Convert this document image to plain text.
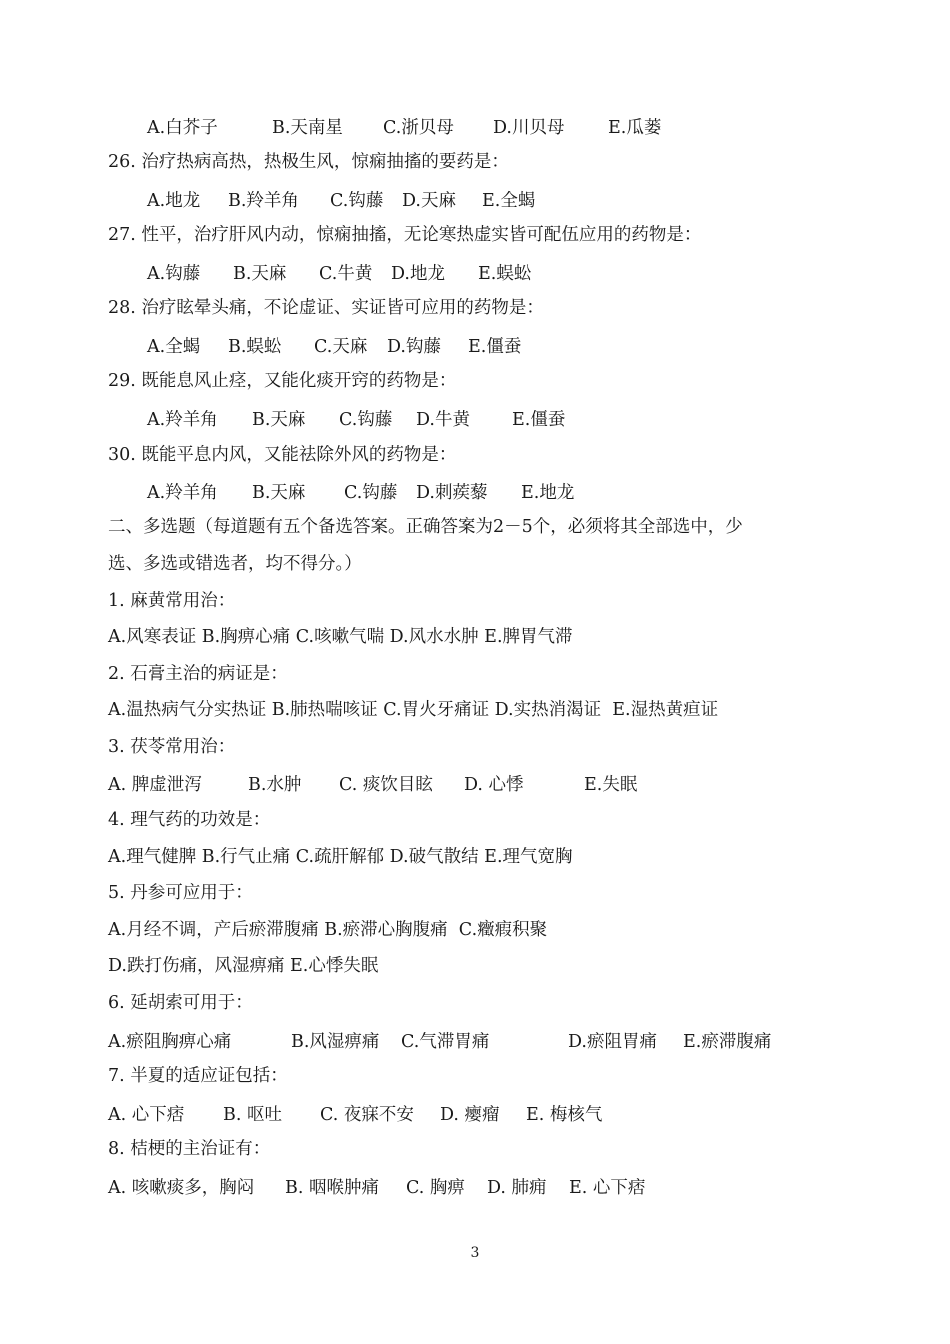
A.白芥子	B.天南星 C.浙贝母 D.川贝母 E.瓜蒌
26. 治疗热病高热，热极生风，惊痫抽搐的要药是：
A.地龙 B.羚羊角 C.钩藤 D.天麻 E.全蝎
27. 性平，治疗肝风内动，惊痫抽搐，无论寒热虚实皆可配伍应用的药物是：
A.钩藤 B.天麻 C.牛黄 D.地龙 E.蜈蚣
28. 治疗眩晕头痛，不论虚证、实证皆可应用的药物是：
A.全蝎 B.蜈蚣 C.天麻 D.钩藤 E.僵蚕
29. 既能息风止痉，又能化痰开窍的药物是：
A.羚羊角 B.天麻 C.钩藤 D.牛黄 E.僵蚕
30. 既能平息内风，又能祛除外风的药物是：
A.羚羊角 B.天麻 C.钩藤 D.刺蒺藜 E.地龙
二、多选题（每道题有五个备选答案。正确答案为2－5个，必须将其全部选中，少
选、多选或错选者，均不得分。）
1. 麻黄常用治：
A.风寒表证 B.胸痹心痛 C.咳嗽气喘 D.风水水肿 E.脾胃气滞
2. 石膏主治的病证是：
A.温热病气分实热证 B.肺热喘咳证 C.胃火牙痛证 D.实热消渴证  E.湿热黄疸证
3. 茯苓常用治：
A. 脾虚泄泻	B.水肿 C. 痰饮目眩 D. 心悸	E.失眠
4. 理气药的功效是：
A.理气健脾 B.行气止痛 C.疏肝解郁 D.破气散结 E.理气宽胸
5. 丹参可应用于：
A.月经不调，产后瘀滞腹痛 B.瘀滞心胸腹痛  C.癥瘕积聚
D.跌打伤痛，风湿痹痛 E.心悸失眠
6. 延胡索可用于：
A.瘀阻胸痹心痛	B.风湿痹痛 C.气滞胃痛	D.瘀阻胃痛 E.瘀滞腹痛
7. 半夏的适应证包括：
A. 心下痞 B. 呕吐 C. 夜寐不安 D. 瘿瘤 E. 梅核气
8. 桔梗的主治证有：
A. 咳嗽痰多，胸闷 B. 咽喉肿痛 C. 胸痹 D. 肺痈 E. 心下痞
3
